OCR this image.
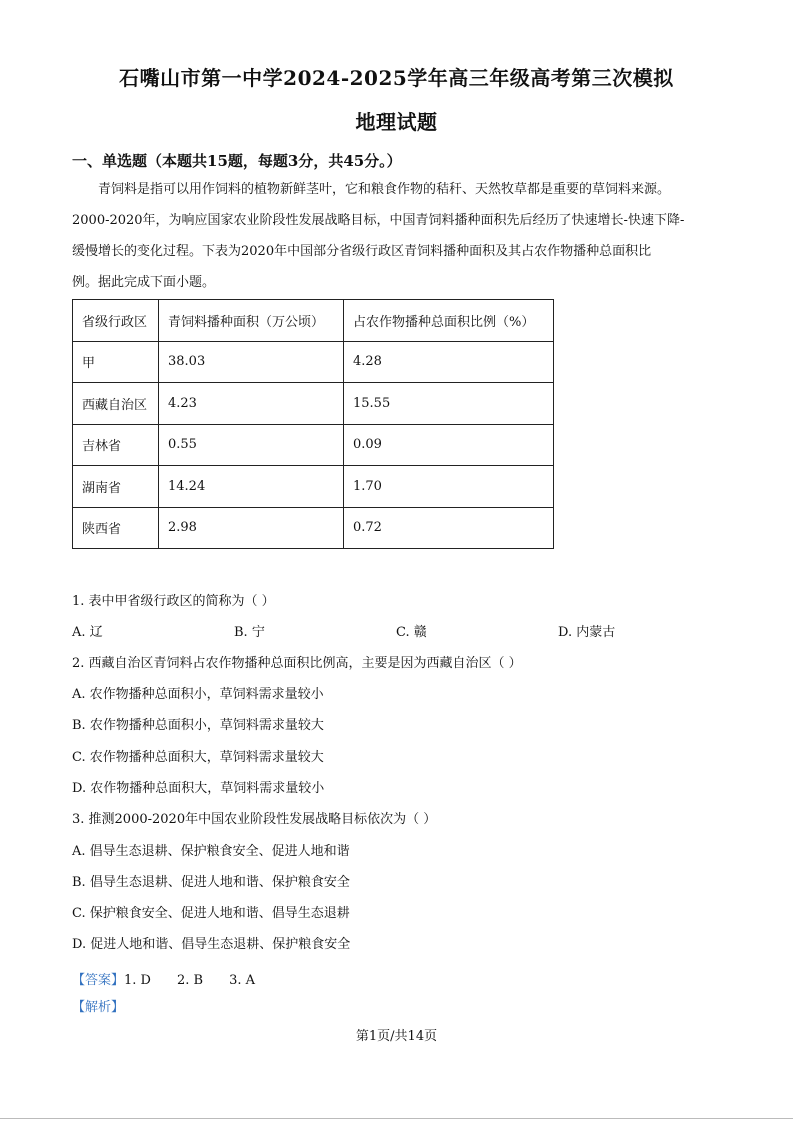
石嘴山市第一中学2024-2025学年高三年级高考第三次模拟
地理试题
一、单选题（本题共15题，每题3分，共45分。）

青饲料是指可以用作饲料的植物新鲜茎叶，它和粮食作物的秸秆、天然牧草都是重要的草饲料来源。

2000-2020年，为响应国家农业阶段性发展战略目标，中国青饲料播种面积先后经历了快速增长-快速下降-

缓慢增长的变化过程。下表为2020年中国部分省级行政区青饲料播种面积及其占农作物播种总面积比

例。据此完成下面小题。

省级行政区	青饲料播种面积（万公顷）	占农作物播种总面积比例（%）
甲	38.03	4.28
西藏自治区	4.23	15.55
吉林省	0.55	0.09
湖南省	14.24	1.70
陕西省	2.98	0.72
1. 表中甲省级行政区的简称为（ ）
A. 辽	B. 宁	C. 赣	D. 内蒙古
2. 西藏自治区青饲料占农作物播种总面积比例高，主要是因为西藏自治区（ ）
A. 农作物播种总面积小，草饲料需求量较小
B. 农作物播种总面积小，草饲料需求量较大
C. 农作物播种总面积大，草饲料需求量较大
D. 农作物播种总面积大，草饲料需求量较小
3. 推测2000-2020年中国农业阶段性发展战略目标依次为（ ）
A. 倡导生态退耕、保护粮食安全、促进人地和谐
B. 倡导生态退耕、促进人地和谐、保护粮食安全
C. 保护粮食安全、促进人地和谐、倡导生态退耕
D. 促进人地和谐、倡导生态退耕、保护粮食安全
【答案】1. D 2. B 3. A
【解析】
第1页/共14页
